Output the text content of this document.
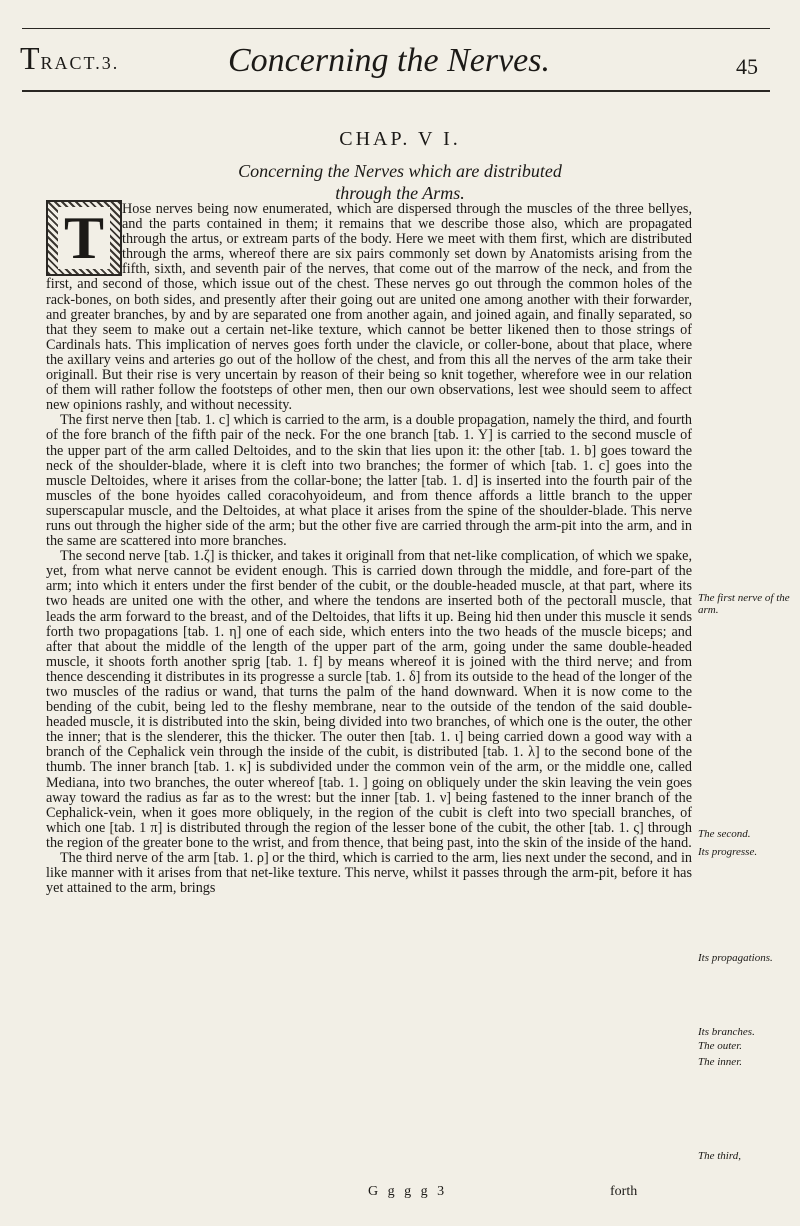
TRACT.3.	Concerning the Nerves.	45
CHAP. V I.
Concerning the Nerves which are distributed
through the Arms.
T	Hose nerves being now enumerated, which are dispersed through the muscles of the three bellyes, and the parts contained in them; it remains that we describe those also, which are propagated through the artus, or extream parts of the body. Here we meet with them first, which are distributed through the arms, whereof there are six pairs commonly set down by Anatomists arising from the fifth, sixth, and seventh pair of the nerves, that come out of the marrow of the neck, and from the first, and second of those, which issue out of the chest. These nerves go out through the common holes of the rack-bones, on both sides, and presently after their going out are united one among another with their forwarder, and greater branches, by and by are separated one from another again, and joined again, and finally separated, so that they seem to make out a certain net-like texture, which cannot be better likened then to those strings of Cardinals hats. This implication of nerves goes forth under the clavicle, or coller-bone, about that place, where the axillary veins and arteries go out of the hollow of the chest, and from this all the nerves of the arm take their originall. But their rise is very uncertain by reason of their being so knit together, wherefore wee in our relation of them will rather follow the footsteps of other men, then our own observations, lest wee should seem to affect new opinions rashly, and without necessity.

The first nerve then [tab. 1. c] which is carried to the arm, is a double propagation, namely the third, and fourth of the fore branch of the fifth pair of the neck. For the one branch [tab. 1. Y] is carried to the second muscle of the upper part of the arm called Deltoides, and to the skin that lies upon it: the other [tab. 1. b] goes toward the neck of the shoulder-blade, where it is cleft into two branches; the former of which [tab. 1. c] goes into the muscle Deltoides, where it arises from the collar-bone; the latter [tab. 1. d] is inserted into the fourth pair of the muscles of the bone hyoides called coracohyoideum, and from thence affords a little branch to the upper superscapular muscle, and the Deltoides, at what place it arises from the spine of the shoulder-blade. This nerve runs out through the higher side of the arm; but the other five are carried through the arm-pit into the arm, and in the same are scattered into more branches.

The second nerve [tab. 1.ζ] is thicker, and takes it originall from that net-like complication, of which we spake, yet, from what nerve cannot be evident enough. This is carried down through the middle, and fore-part of the arm; into which it enters under the first bender of the cubit, or the double-headed muscle, at that part, where its two heads are united one with the other, and where the tendons are inserted both of the pectorall muscle, that leads the arm forward to the breast, and of the Deltoides, that lifts it up. Being hid then under this muscle it sends forth two propagations [tab. 1. η] one of each side, which enters into the two heads of the muscle biceps; and after that about the middle of the length of the upper part of the arm, going under the same double-headed muscle, it shoots forth another sprig [tab. 1. f] by means whereof it is joined with the third nerve; and from thence descending it distributes in its progresse a surcle [tab. 1. δ] from its outside to the head of the longer of the two muscles of the radius or wand, that turns the palm of the hand downward. When it is now come to the bending of the cubit, being led to the fleshy membrane, near to the outside of the tendon of the said double-headed muscle, it is distributed into the skin, being divided into two branches, of which one is the outer, the other the inner; that is the slenderer, this the thicker. The outer then [tab. 1. ι] being carried down a good way with a branch of the Cephalick vein through the inside of the cubit, is distributed [tab. 1. λ] to the second bone of the thumb. The inner branch [tab. 1. κ] is subdivided under the common vein of the arm, or the middle one, called Mediana, into two branches, the outer whereof [tab. 1. ] going on obliquely under the skin leaving the vein goes away toward the radius as far as to the wrest: but the inner [tab. 1. ν] being fastened to the inner branch of the Cephalick-vein, when it goes more obliquely, in the region of the cubit is cleft into two speciall branches, of which one [tab. 1 π] is distributed through the region of the lesser bone of the cubit, the other [tab. 1. ς] through the region of the greater bone to the wrist, and from thence, that being past, into the skin of the inside of the hand.

The third nerve of the arm [tab. 1. ρ] or the third, which is carried to the arm, lies next under the second, and in like manner with it arises from that net-like texture. This nerve, whilst it passes through the arm-pit, before it has yet attained to the arm, brings

The first nerve of the arm.
The second.
Its progresse.
Its propagations.
Its branches.
The outer.
The inner.
The third,
G g g g 3	forth
